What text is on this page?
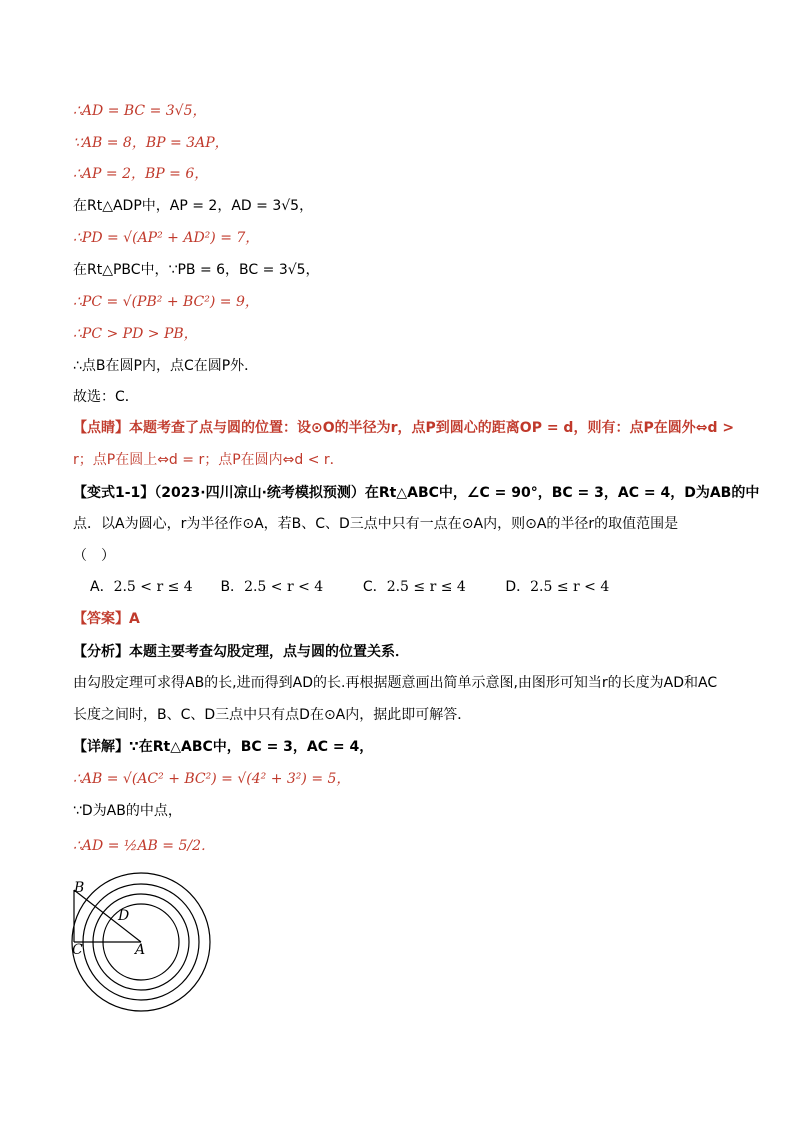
∴AD = BC = 3√5，
∵AB = 8，BP = 3AP，
∴AP = 2，BP = 6，
在Rt△ADP中，AP = 2，AD = 3√5，
∴PD = √(AP² + AD²) = 7，
在Rt△PBC中，∵PB = 6，BC = 3√5，
∴PC = √(PB² + BC²) = 9，
∴PC > PD > PB，
∴点B在圆P内，点C在圆P外．
故选：C．
【点睛】本题考查了点与圆的位置：设⊙O的半径为r，点P到圆心的距离OP = d，则有：点P在圆外⇔d >
r；点P在圆上⇔d = r；点P在圆内⇔d < r．
【变式1-1】（2023·四川凉山·统考模拟预测）在Rt△ABC中，∠C = 90°，BC = 3，AC = 4，D为AB的中
点．以A为圆心，r为半径作⊙A，若B、C、D三点中只有一点在⊙A内，则⊙A的半径r的取值范围是
（　）
【答案】A
【分析】本题主要考查勾股定理，点与圆的位置关系．
由勾股定理可求得AB的长,进而得到AD的长.再根据题意画出简单示意图,由图形可知当r的长度为AD和AC
长度之间时，B、C、D三点中只有点D在⊙A内，据此即可解答．
【详解】∵在Rt△ABC中，BC = 3，AC = 4，
∴AB = √(AC² + BC²) = √(4² + 3²) = 5，
∵D为AB的中点，
∴AD = ½AB = 5/2．
A．2.5 < r ≤ 4 B．2.5 < r < 4	C．2.5 ≤ r ≤ 4	D．2.5 ≤ r < 4
B
D
C	A
